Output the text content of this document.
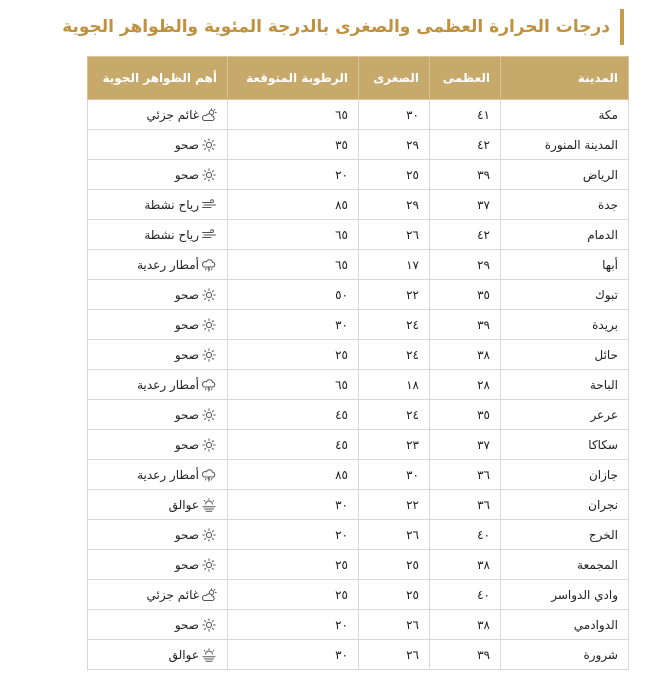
درجات الحرارة العظمى والصغرى بالدرجة المئوية والظواهر الجوية
المدينة	العظمى	الصغرى	الرطوبة المتوقعة	أهم الظواهر الجوية
مكة	٤١	٣٠	٦٥	غائم جزئي

المدينة المنورة	٤٢	٢٩	٣٥	صحو

الرياض	٣٩	٢٥	٢٠	صحو

جدة	٣٧	٢٩	٨٥	رياح نشطة

الدمام	٤٢	٢٦	٦٥	رياح نشطة

أبها	٢٩	١٧	٦٥	أمطار رعدية

تبوك	٣٥	٢٢	٥٠	صحو

بريدة	٣٩	٢٤	٣٠	صحو

حائل	٣٨	٢٤	٢٥	صحو

الباحة	٢٨	١٨	٦٥	أمطار رعدية

عرعر	٣٥	٢٤	٤٥	صحو

سكاكا	٣٧	٢٣	٤٥	صحو

جازان	٣٦	٣٠	٨٥	أمطار رعدية

نجران	٣٦	٢٢	٣٠	عوالق

الخرج	٤٠	٢٦	٢٠	صحو

المجمعة	٣٨	٢٥	٢٥	صحو

وادي الدواسر	٤٠	٢٥	٢٥	غائم جزئي

الدوادمي	٣٨	٢٦	٢٠	صحو

شرورة	٣٩	٢٦	٣٠	عوالق
